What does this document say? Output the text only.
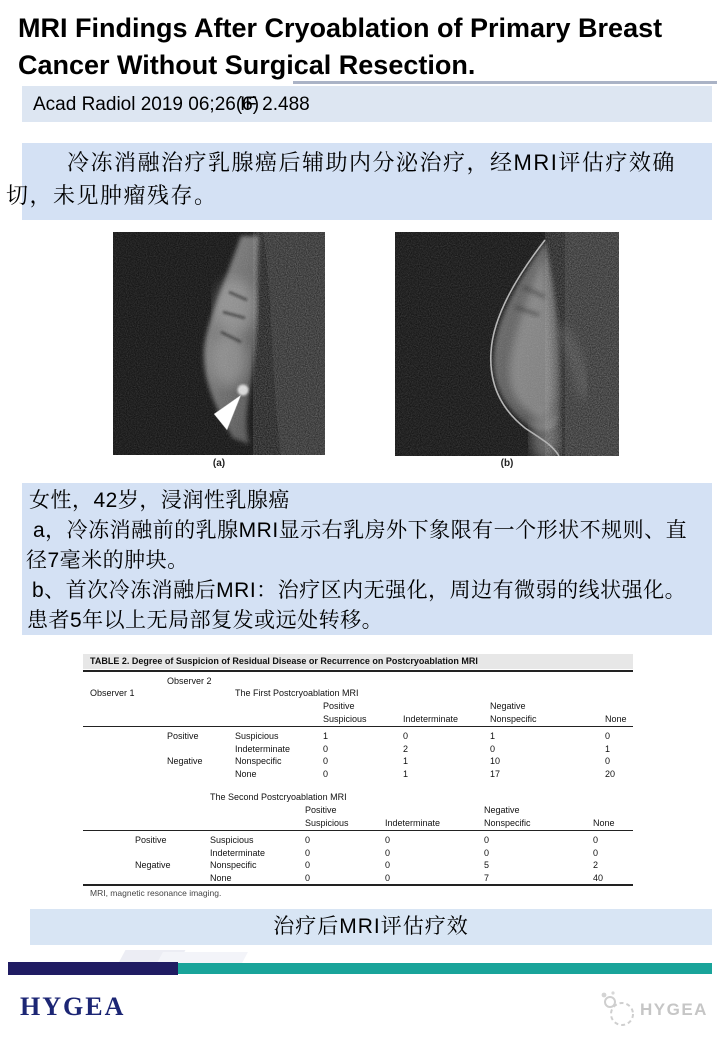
MRI Findings After Cryoablation of Primary Breast
Cancer Without Surgical Resection.
Acad Radiol 2019 06;26(6)
IF 2.488
冷冻消融治疗乳腺癌后辅助内分泌治疗，经MRI评估疗效确
切，未见肿瘤残存。
(a)	(b)
女性，42岁，浸润性乳腺癌
a，冷冻消融前的乳腺MRI显示右乳房外下象限有一个形状不规则、直
径7毫米的肿块。
b、首次冷冻消融后MRI：治疗区内无强化，周边有微弱的线状强化。
患者5年以上无局部复发或远处转移。
TABLE 2. Degree of Suspicion of Residual Disease or Recurrence on Postcryoablation MRI
Observer 2
Observer 1	The First Postcryoablation MRI
Positive	Negative
Suspicious	Indeterminate	Nonspecific	None
Positive	Suspicious	1	0	1	0
Indeterminate	0	2	0	1
Negative	Nonspecific	0	1	10	0
None	0	1	17	20
The Second Postcryoablation MRI
Positive	Negative
Suspicious	Indeterminate	Nonspecific	None
Positive	Suspicious	0	0	0	0
Indeterminate	0	0	0	0
Negative	Nonspecific	0	0	5	2
None	0	0	7	40
MRI, magnetic resonance imaging.
治疗后MRI评估疗效
HYGEA	HYGEA
